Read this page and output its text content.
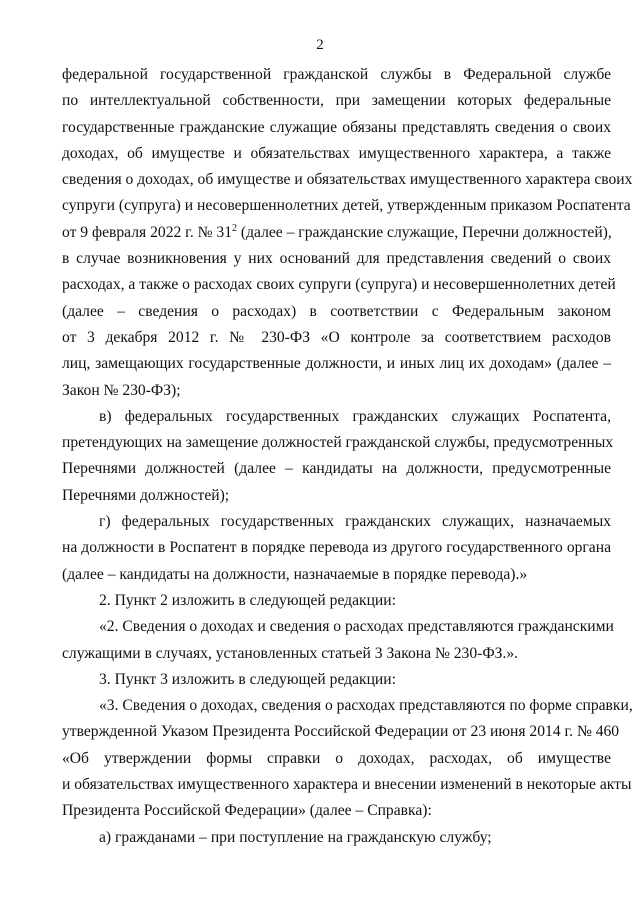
2
федеральной государственной гражданской службы в Федеральной службе
по интеллектуальной собственности, при замещении которых федеральные
государственные гражданские служащие обязаны представлять сведения о своих
доходах, об имуществе и обязательствах имущественного характера, а также
сведения о доходах, об имуществе и обязательствах имущественного характера своих
супруги (супруга) и несовершеннолетних детей, утвержденным приказом Роспатента
от 9 февраля 2022 г. № $31^2$ (далее – гражданские служащие, Перечни должностей),
в случае возникновения у них оснований для представления сведений о своих
расходах, а также о расходах своих супруги (супруга) и несовершеннолетних детей
(далее – сведения о расходах) в соответствии с Федеральным законом
от 3 декабря 2012 г. № 230-ФЗ «О контроле за соответствием расходов
лиц, замещающих государственные должности, и иных лиц их доходам» (далее –
Закон № 230-ФЗ);
в) федеральных государственных гражданских служащих Роспатента,
претендующих на замещение должностей гражданской службы, предусмотренных
Перечнями должностей (далее – кандидаты на должности, предусмотренные
Перечнями должностей);
г) федеральных государственных гражданских служащих, назначаемых
на должности в Роспатент в порядке перевода из другого государственного органа
(далее – кандидаты на должности, назначаемые в порядке перевода).»
2. Пункт 2 изложить в следующей редакции:
«2. Сведения о доходах и сведения о расходах представляются гражданскими
служащими в случаях, установленных статьей 3 Закона № 230-ФЗ.».
3. Пункт 3 изложить в следующей редакции:
«3. Сведения о доходах, сведения о расходах представляются по форме справки,
утвержденной Указом Президента Российской Федерации от 23 июня 2014 г. № 460
«Об утверждении формы справки о доходах, расходах, об имуществе
и обязательствах имущественного характера и внесении изменений в некоторые акты
Президента Российской Федерации» (далее – Справка):
а) гражданами – при поступление на гражданскую службу;
